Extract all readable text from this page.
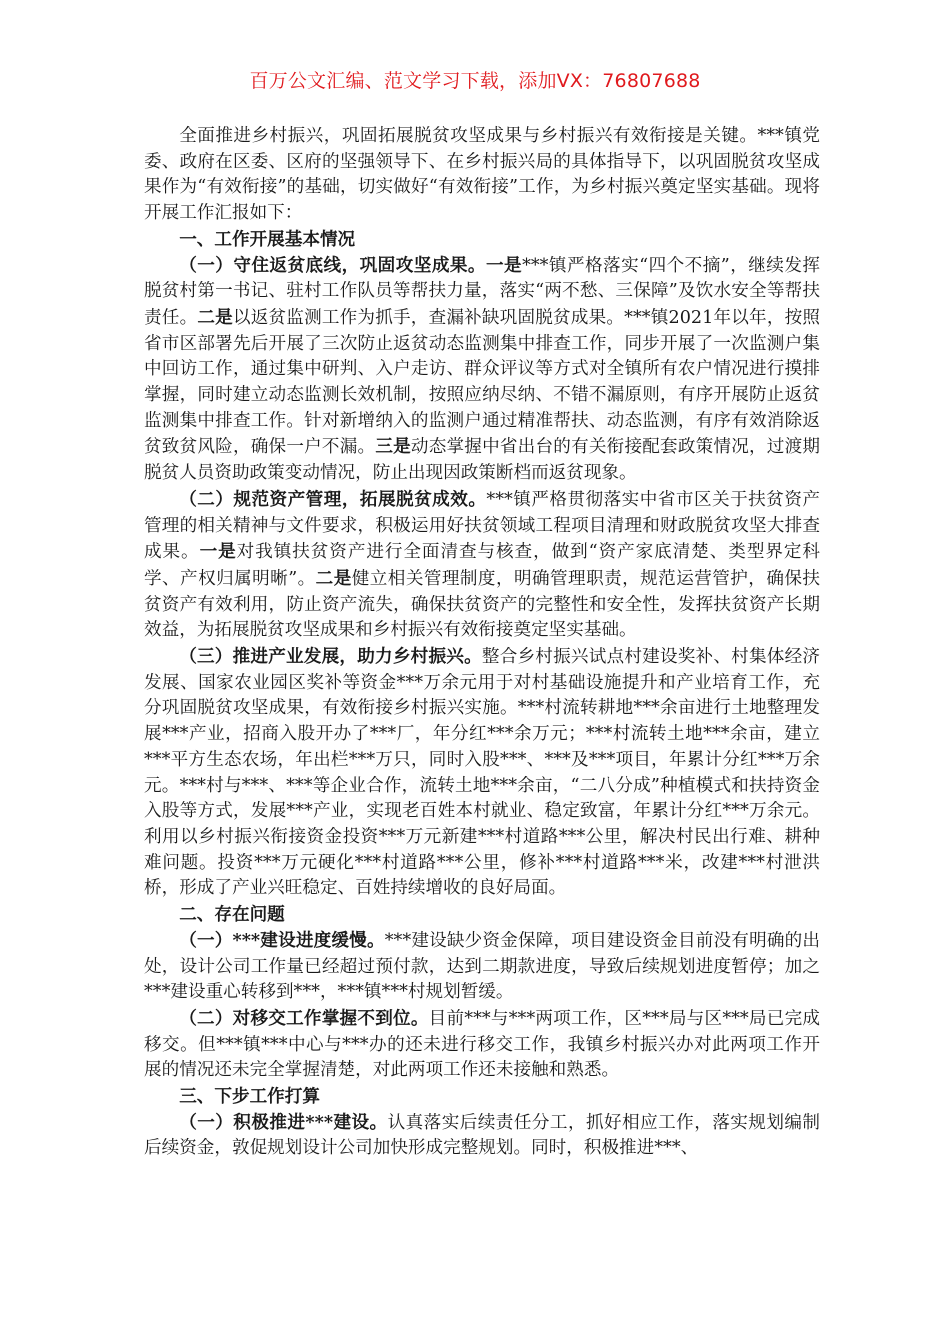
百万公文汇编、范文学习下载，添加VX：76807688

全面推进乡村振兴，巩固拓展脱贫攻坚成果与乡村振兴有效衔接是关键。***镇党委、政府在区委、区府的坚强领导下、在乡村振兴局的具体指导下，以巩固脱贫攻坚成果作为“有效衔接”的基础，切实做好“有效衔接”工作，为乡村振兴奠定坚实基础。现将开展工作汇报如下：

一、工作开展基本情况

（一）守住返贫底线，巩固攻坚成果。一是***镇严格落实“四个不摘”，继续发挥脱贫村第一书记、驻村工作队员等帮扶力量，落实“两不愁、三保障”及饮水安全等帮扶责任。二是以返贫监测工作为抓手，查漏补缺巩固脱贫成果。***镇2021年以年，按照省市区部署先后开展了三次防止返贫动态监测集中排查工作，同步开展了一次监测户集中回访工作，通过集中研判、入户走访、群众评议等方式对全镇所有农户情况进行摸排掌握，同时建立动态监测长效机制，按照应纳尽纳、不错不漏原则，有序开展防止返贫监测集中排查工作。针对新增纳入的监测户通过精准帮扶、动态监测，有序有效消除返贫致贫风险，确保一户不漏。三是动态掌握中省出台的有关衔接配套政策情况，过渡期脱贫人员资助政策变动情况，防止出现因政策断档而返贫现象。

（二）规范资产管理，拓展脱贫成效。***镇严格贯彻落实中省市区关于扶贫资产管理的相关精神与文件要求，积极运用好扶贫领域工程项目清理和财政脱贫攻坚大排查成果。一是对我镇扶贫资产进行全面清查与核查，做到“资产家底清楚、类型界定科学、产权归属明晰”。二是健立相关管理制度，明确管理职责，规范运营管护，确保扶贫资产有效利用，防止资产流失，确保扶贫资产的完整性和安全性，发挥扶贫资产长期效益，为拓展脱贫攻坚成果和乡村振兴有效衔接奠定坚实基础。

（三）推进产业发展，助力乡村振兴。整合乡村振兴试点村建设奖补、村集体经济发展、国家农业园区奖补等资金***万余元用于对村基础设施提升和产业培育工作，充分巩固脱贫攻坚成果，有效衔接乡村振兴实施。***村流转耕地***余亩进行土地整理发展***产业，招商入股开办了***厂，年分红***余万元；***村流转土地***余亩，建立***平方生态农场，年出栏***万只，同时入股***、***及***项目，年累计分红***万余元。***村与***、***等企业合作，流转土地***余亩，“二八分成”种植模式和扶持资金入股等方式，发展***产业，实现老百姓本村就业、稳定致富，年累计分红***万余元。利用以乡村振兴衔接资金投资***万元新建***村道路***公里，解决村民出行难、耕种难问题。投资***万元硬化***村道路***公里，修补***村道路***米，改建***村泄洪桥，形成了产业兴旺稳定、百姓持续增收的良好局面。

二、存在问题

（一）***建设进度缓慢。***建设缺少资金保障，项目建设资金目前没有明确的出处，设计公司工作量已经超过预付款，达到二期款进度，导致后续规划进度暂停；加之***建设重心转移到***，***镇***村规划暂缓。

（二）对移交工作掌握不到位。目前***与***两项工作，区***局与区***局已完成移交。但***镇***中心与***办的还未进行移交工作，我镇乡村振兴办对此两项工作开展的情况还未完全掌握清楚，对此两项工作还未接触和熟悉。

三、下步工作打算

（一）积极推进***建设。认真落实后续责任分工，抓好相应工作，落实规划编制后续资金，敦促规划设计公司加快形成完整规划。同时，积极推进***、
